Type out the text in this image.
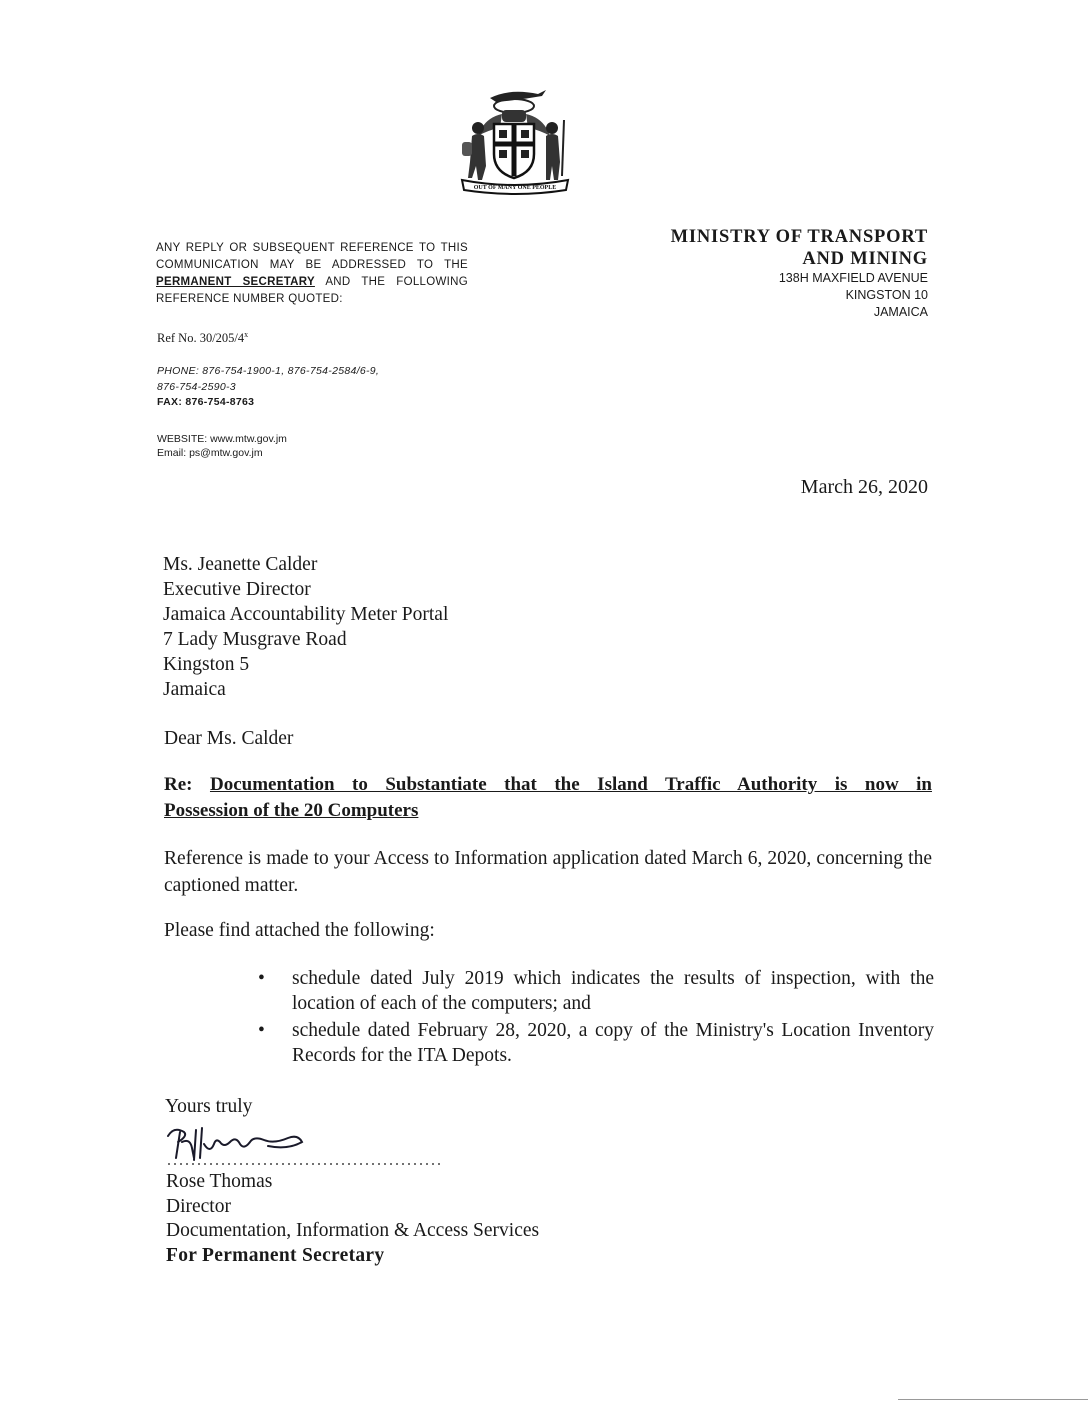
OUT OF MANY ONE PEOPLE
ANY REPLY OR SUBSEQUENT REFERENCE TO THIS COMMUNICATION MAY BE ADDRESSED TO THE PERMANENT SECRETARY AND THE FOLLOWING REFERENCE NUMBER QUOTED:
MINISTRY OF TRANSPORT
AND MINING
138H MAXFIELD AVENUE
KINGSTON 10
JAMAICA
Ref No. 30/205/4$^x$
PHONE: 876-754-1900-1, 876-754-2584/6-9,
876-754-2590-3
FAX: 876-754-8763
WEBSITE: www.mtw.gov.jm
Email: ps@mtw.gov.jm
March 26, 2020
Ms. Jeanette Calder
Executive Director
Jamaica Accountability Meter Portal
7 Lady Musgrave Road
Kingston 5
Jamaica
Dear Ms. Calder
Re: Documentation to Substantiate that the Island Traffic Authority is now in
Possession of the 20 Computers
Reference is made to your Access to Information application dated March 6, 2020, concerning the captioned matter.
Please find attached the following:
• schedule dated July 2019 which indicates the results of inspection, with the location of each of the computers; and
• schedule dated February 28, 2020, a copy of the Ministry's Location Inventory Records for the ITA Depots.
Yours truly
Rose Thomas
Director
Documentation, Information & Access Services
For Permanent Secretary
